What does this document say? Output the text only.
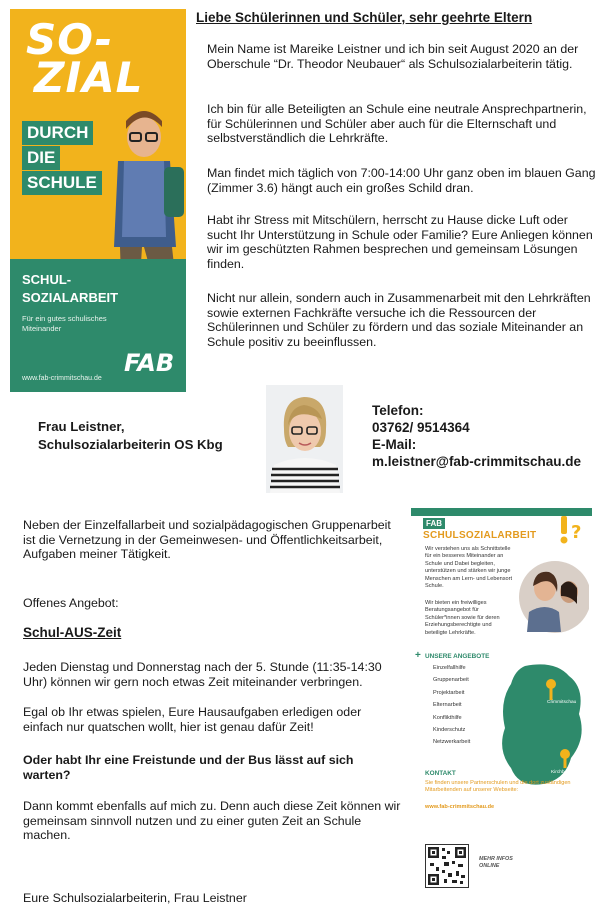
SO-
ZIAL
DURCH
DIE
SCHULE
SCHUL-
SOZIALARBEIT
Für ein gutes schulisches Miteinander
FAB
www.fab-crimmitschau.de
Liebe Schülerinnen und Schüler, sehr geehrte Eltern

Mein Name ist Mareike Leistner und ich bin seit August 2020 an der Oberschule “Dr. Theodor Neubauer“ als Schulsozialarbeiterin tätig.

Ich bin für alle Beteiligten an Schule eine neutrale Ansprechpartnerin, für Schülerinnen und Schüler aber auch für die Elternschaft und selbstverständlich die Lehrkräfte.

Man findet mich täglich von 7:00-14:00 Uhr ganz oben im blauen Gang (Zimmer 3.6) hängt auch ein großes Schild dran.

Habt ihr Stress mit Mitschülern, herrscht zu Hause dicke Luft oder sucht Ihr Unterstützung in Schule oder Familie? Eure Anliegen können wir im geschützten Rahmen besprechen und gemeinsam Lösungen finden.

Nicht nur allein, sondern auch in Zusammenarbeit mit den Lehrkräften sowie externen Fachkräfte versuche ich die Ressourcen der Schülerinnen und Schüler zu fördern und das soziale Miteinander an Schule positiv zu beeinflussen.

Frau Leistner,
Schulsozialarbeiterin OS Kbg
Telefon:
03762/ 9514364
E-Mail:
m.leistner@fab-crimmitschau.de

Neben der Einzelfallarbeit und sozialpädagogischen Gruppenarbeit ist die Vernetzung in der Gemeinwesen- und Öffentlichkeitsarbeit, Aufgaben meiner Tätigkeit.

Offenes Angebot:

Schul-AUS-Zeit

Jeden Dienstag und Donnerstag nach der 5. Stunde (11:35-14:30 Uhr) können wir gern noch etwas Zeit miteinander verbringen.

Egal ob Ihr etwas spielen, Eure Hausaufgaben erledigen oder einfach nur quatschen wollt, hier ist genau dafür Zeit!

Oder habt Ihr eine Freistunde und der Bus lässt auf sich warten?

Dann kommt ebenfalls auf mich zu. Denn auch diese Zeit können wir gemeinsam sinnvoll nutzen und zu einer guten Zeit an Schule machen.

Eure Schulsozialarbeiterin, Frau Leistner

FAB
SCHULSOZIALARBEIT ?
Wir verstehen uns als Schnittstelle für ein besseres Miteinander an Schule und Dabei begleiten, unterstützen und stärken wir junge Menschen am Lern- und Lebensort Schule.
Wir bieten ein freiwilliges Beratungsangebot für Schüler*innen sowie für deren Erziehungsberechtigte und beteiligte Lehrkräfte.
UNSERE ANGEBOTE
Einzelfallhilfe
Gruppenarbeit
Projektarbeit
Elternarbeit
Konflikthilfe
Kinderschutz
Netzwerkarbeit
Crimmitschau
Kirchberg
+
KONTAKT
Sie finden unsere Partnerschulen und die dort zuständigen Mitarbeitenden auf unserer Webseite:
www.fab-crimmitschau.de
MEHR INFOS ONLINE
